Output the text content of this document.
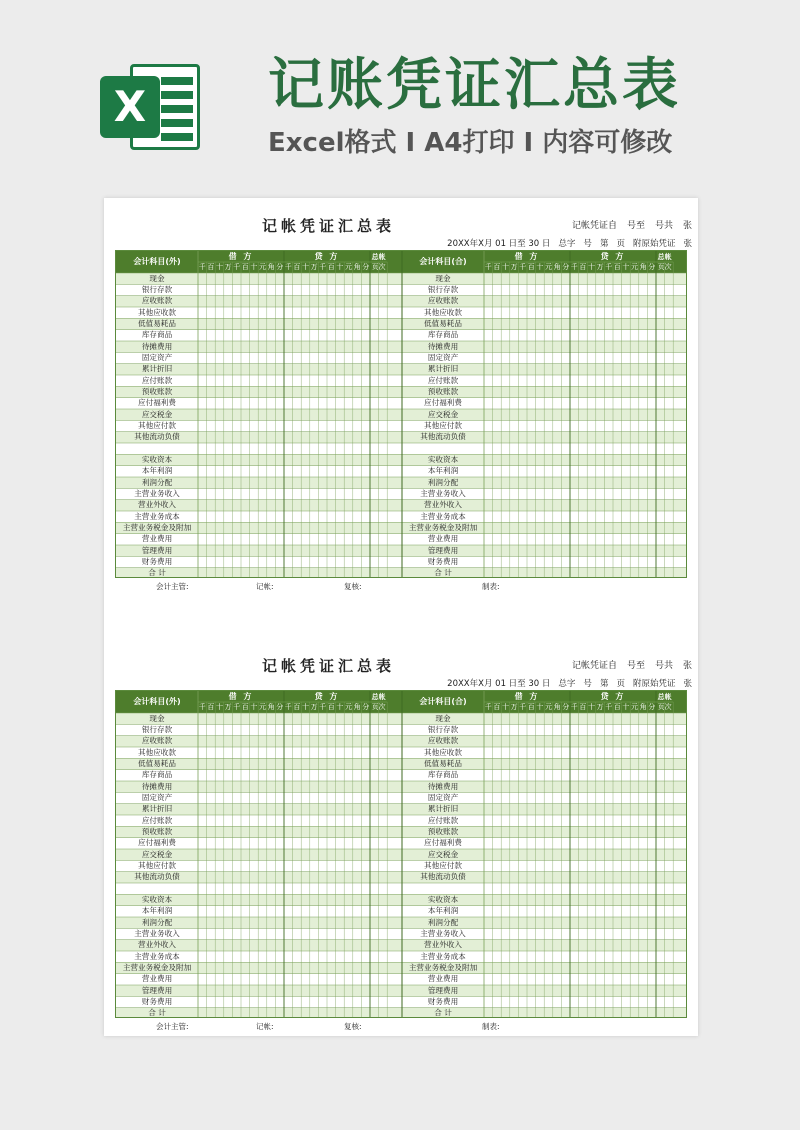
X 记账凭证汇总表
Excel格式 I A4打印 I 内容可修改
记帐凭证汇总表	记帐凭证自 号至 号共 张
20XX年X月 01 日至 30 日 总字 号 第 页 附原始凭证 张
会计科目(外)
借 方	贷 方	总帐
页次
千 百 十 万 千 百 十 元 角 分 千 百 十 万 千 百 十 元 角 分
会计科目(合)
借 方	贷 方	总帐
页次
千 百 十 万 千 百 十 元 角 分 千 百 十 万 千 百 十 元 角 分
现金	现金
银行存款	银行存款
应收账款	应收账款
其他应收款	其他应收款
低值易耗品	低值易耗品
库存商品	库存商品
待摊费用	待摊费用
固定资产	固定资产
累计折旧	累计折旧
应付账款	应付账款
预收账款	预收账款
应付福利费	应付福利费
应交税金	应交税金
其他应付款	其他应付款
其他流动负债	其他流动负债
实收资本	实收资本
本年利润	本年利润
利润分配	利润分配
主营业务收入	主营业务收入
营业外收入	营业外收入
主营业务成本	主营业务成本
主营业务税金及附加	主营业务税金及附加
营业费用	营业费用
管理费用	管理费用
财务费用	财务费用
合 计	合 计
会计主管:	记帐:	复核:	制表:
记帐凭证汇总表	记帐凭证自 号至 号共 张
20XX年X月 01 日至 30 日 总字 号 第 页 附原始凭证 张
会计科目(外)
借 方	贷 方	总帐
页次
千 百 十 万 千 百 十 元 角 分 千 百 十 万 千 百 十 元 角 分
会计科目(合)
借 方	贷 方	总帐
页次
千 百 十 万 千 百 十 元 角 分 千 百 十 万 千 百 十 元 角 分
现金	现金
银行存款	银行存款
应收账款	应收账款
其他应收款	其他应收款
低值易耗品	低值易耗品
库存商品	库存商品
待摊费用	待摊费用
固定资产	固定资产
累计折旧	累计折旧
应付账款	应付账款
预收账款	预收账款
应付福利费	应付福利费
应交税金	应交税金
其他应付款	其他应付款
其他流动负债	其他流动负债
实收资本	实收资本
本年利润	本年利润
利润分配	利润分配
主营业务收入	主营业务收入
营业外收入	营业外收入
主营业务成本	主营业务成本
主营业务税金及附加	主营业务税金及附加
营业费用	营业费用
管理费用	管理费用
财务费用	财务费用
合 计	合 计
会计主管:	记帐:	复核:	制表:
